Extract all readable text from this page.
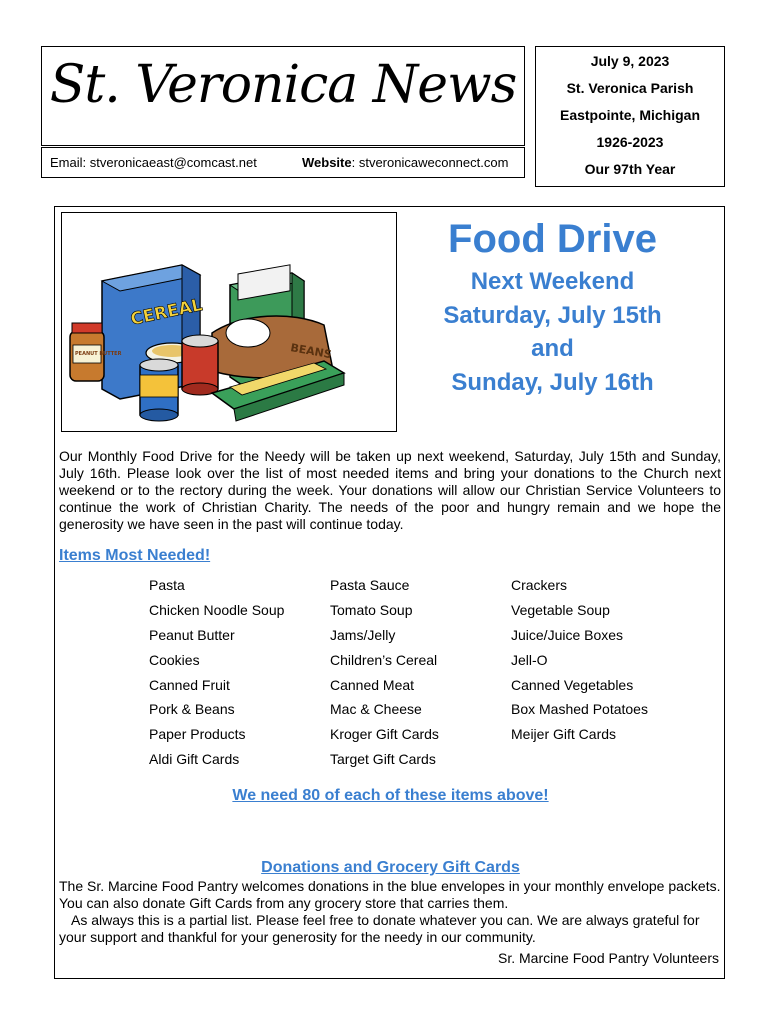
St. Veronica News
Email: stveronicaeast@comcast.net	Website: stveronicaweconnect.com
July 9, 2023
St. Veronica Parish
Eastpointe, Michigan
1926-2023
Our 97th Year
CEREAL
BEANS
PEANUT BUTTER
Food Drive
Next Weekend
Saturday, July 15th
and
Sunday, July 16th
Our Monthly Food Drive for the Needy will be taken up next weekend, Saturday, July 15th and Sunday, July 16th. Please look over the list of most needed items and bring your donations to the Church next weekend or to the rectory during the week. Your donations will allow our Christian Service Volunteers to continue the work of Christian Charity. The needs of the poor and hungry remain and we hope the generosity we have seen in the past will continue today.
Items Most Needed!
Pasta
Chicken Noodle Soup
Peanut Butter
Cookies
Canned Fruit
Pork & Beans
Paper Products
Aldi Gift Cards
Pasta Sauce
Tomato Soup
Jams/Jelly
Children’s Cereal
Canned Meat
Mac & Cheese
Kroger Gift Cards
Target Gift Cards
Crackers
Vegetable Soup
Juice/Juice Boxes
Jell-O
Canned Vegetables
Box Mashed Potatoes
Meijer Gift Cards
We need 80 of each of these items above!
Donations and Grocery Gift Cards
The Sr. Marcine Food Pantry welcomes donations in the blue envelopes in your monthly envelope packets. You can also donate Gift Cards from any grocery store that carries them.
As always this is a partial list. Please feel free to donate whatever you can. We are always grateful for your support and thankful for your generosity for the needy in our community.
Sr. Marcine Food Pantry Volunteers
